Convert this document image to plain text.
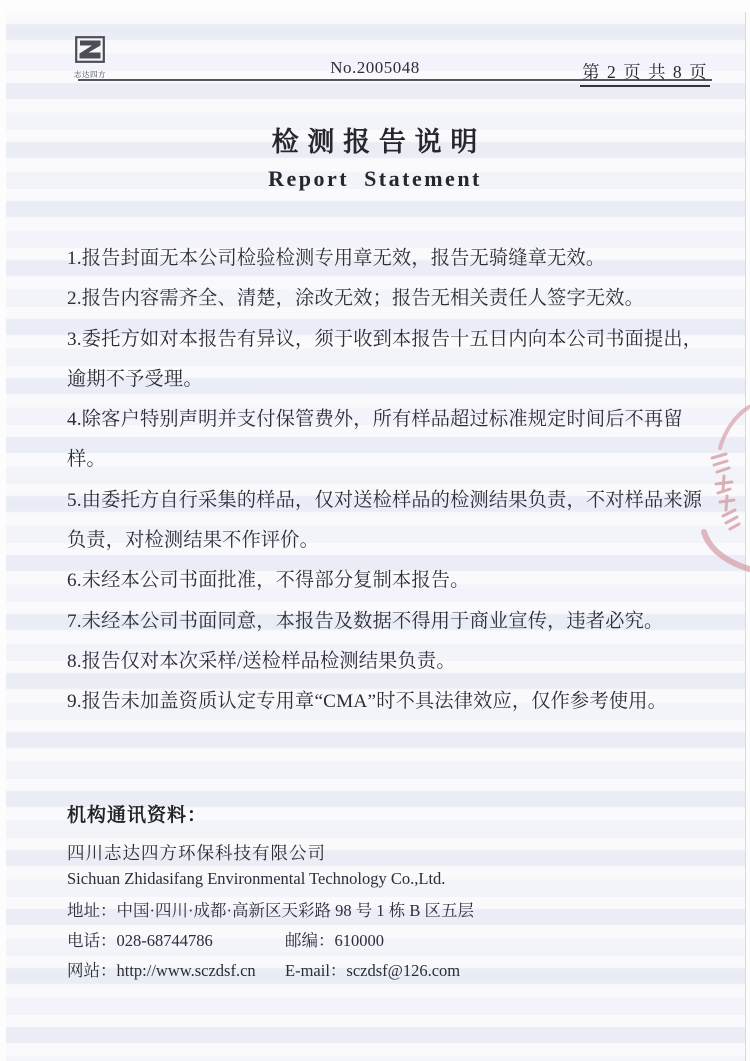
志达四方	No.2005048	第 2 页 共 8 页
检 测 报 告 说 明
Report Statement
1.报告封面无本公司检验检测专用章无效，报告无骑缝章无效。
2.报告内容需齐全、清楚，涂改无效；报告无相关责任人签字无效。
3.委托方如对本报告有异议，须于收到本报告十五日内向本公司书面提出，
逾期不予受理。
4.除客户特别声明并支付保管费外，所有样品超过标准规定时间后不再留
样。
5.由委托方自行采集的样品，仅对送检样品的检测结果负责，不对样品来源
负责，对检测结果不作评价。
6.未经本公司书面批准，不得部分复制本报告。
7.未经本公司书面同意，本报告及数据不得用于商业宣传，违者必究。
8.报告仅对本次采样/送检样品检测结果负责。
9.报告未加盖资质认定专用章“CMA”时不具法律效应，仅作参考使用。
机构通讯资料：
四川志达四方环保科技有限公司
Sichuan Zhidasifang Environmental Technology Co.,Ltd.
地址：中国·四川·成都·高新区天彩路 98 号 1 栋 B 区五层
电话：028-68744786	邮编：610000
网站：http://www.sczdsf.cn E-mail：sczdsf@126.com
